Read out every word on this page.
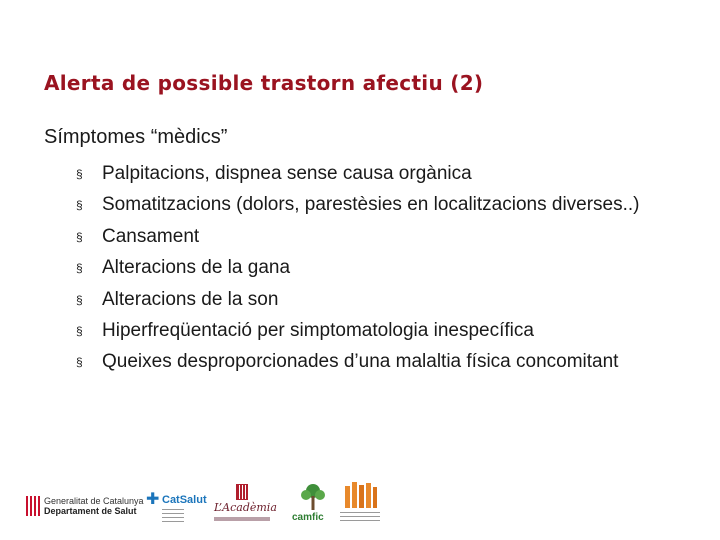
Alerta de possible trastorn afectiu (2)

Símptomes “mèdics”

§ Palpitacions, dispnea sense causa orgànica
§ Somatitzacions (dolors, parestèsies en localitzacions diverses..)
§ Cansament
§ Alteracions de la gana
§ Alteracions de la son
§ Hiperfreqüentació per simptomatologia inespecífica
§ Queixes desproporcionades d’una malaltia física concomitant
Generalitat de Catalunya
Departament de Salut
✚ CatSalut
L’Acadèmia
camfic
